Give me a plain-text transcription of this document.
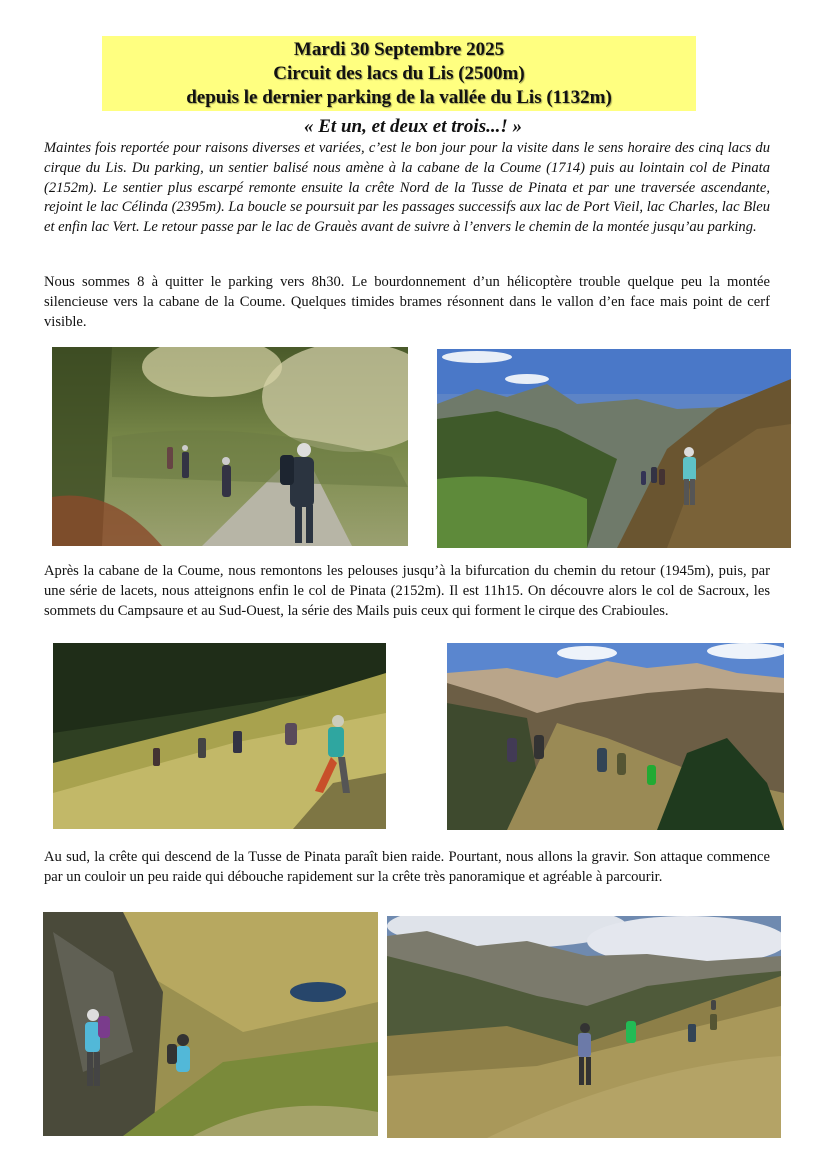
Mardi 30 Septembre 2025
Circuit des lacs du Lis (2500m)
depuis le dernier parking de la vallée du Lis (1132m)
« Et un, et deux et trois...! »

Maintes fois reportée pour raisons diverses et variées, c’est le bon jour pour la visite dans le sens horaire des cinq lacs du cirque du Lis. Du parking, un sentier balisé nous amène à la cabane de la Coume (1714) puis au lointain col de Pinata (2152m). Le sentier plus escarpé remonte ensuite la crête Nord de la Tusse de Pinata et par une traversée ascendante, rejoint le lac Célinda (2395m). La boucle se poursuit par les passages successifs aux lac de Port Vieil, lac Charles, lac Bleu et enfin lac Vert. Le retour passe par le lac de Grauès avant de suivre à l’envers le chemin de la montée jusqu’au parking.

Nous sommes 8 à quitter le parking vers 8h30. Le bourdonnement d’un hélicoptère trouble quelque peu la montée silencieuse vers la cabane de la Coume. Quelques timides brames résonnent dans le vallon d’en face mais point de cerf visible.

Après la cabane de la Coume, nous remontons les pelouses jusqu’à la bifurcation du chemin du retour (1945m), puis, par une série de lacets, nous atteignons enfin le col de Pinata (2152m). Il est 11h15. On découvre alors le col de Sacroux, les sommets du Campsaure et au Sud-Ouest, la série des Mails puis ceux qui forment le cirque des Crabioules.

Au sud, la crête qui descend de la Tusse de Pinata paraît bien raide. Pourtant, nous allons la gravir. Son attaque commence par un couloir un peu raide qui débouche rapidement sur la crête très panoramique et agréable à parcourir.
